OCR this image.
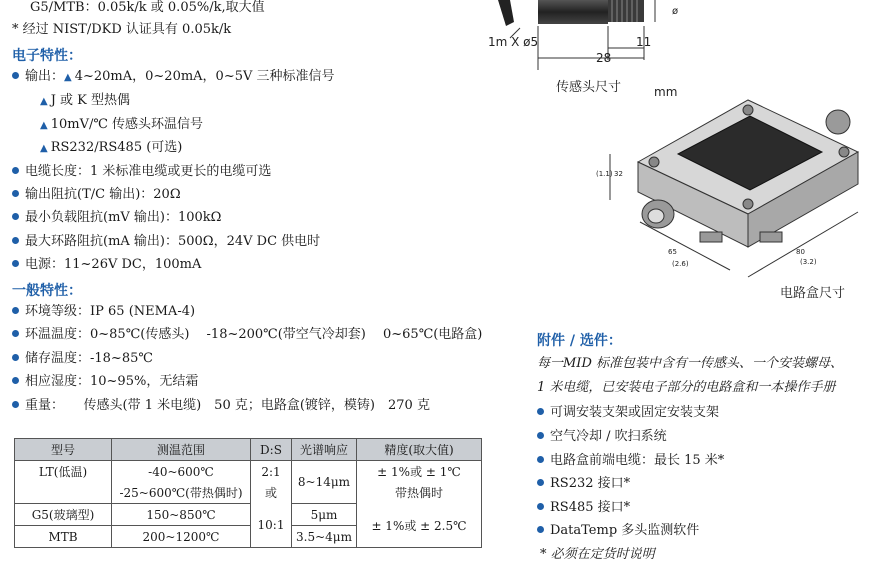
G5/MTB：0.05k/k 或 0.05%/k,取大值
* 经过 NIST/DKD 认证具有 0.05k/k
电子特性：
输出：▲ 4~20mA，0~20mA，0~5V 三种标准信号
▲ J 或 K 型热偶
▲ 10mV/℃ 传感头环温信号
▲ RS232/RS485 (可选)
电缆长度：1 米标准电缆或更长的电缆可选
输出阻抗(T/C 输出)：20Ω
最小负载阻抗(mV 输出)：100kΩ
最大环路阻抗(mA 输出)：500Ω，24V DC 供电时
电源：11~26V DC，100mA
一般特性：
环境等级：IP 65 (NEMA-4)
环温温度：0~85℃(传感头)　 -18~200℃(带空气冷却套)　 0~65℃(电路盒)
储存温度：-18~85℃
相应湿度：10~95%，无结霜
重量：　　传感头(带 1 米电缆)　50 克；电路盒(镀锌，模铸)　270 克
型号	测温范围	D:S	光谱响应	精度(取大值)
LT(低温)	-40~600℃	2:1	8~14μm	± 1%或 ± 1℃
	-25~600℃(带热偶时)	或		带热偶时
G5(玻璃型)	150~850℃	10:1	5μm	± 1%或 ± 2.5℃
MTB	200~1200℃		3.5~4μm	
1m X ø5
28
11
ø
传感头尺寸	mm
(1.1) 32
65
(2.6)
80
(3.2)
电路盒尺寸
附件 / 选件：
每一MID 标准包装中含有一传感头、一个安装螺母、
1 米电缆，已安装电子部分的电路盒和一本操作手册
可调安装支架或固定安装支架
空气冷却 / 吹扫系统
电路盒前端电缆：最长 15 米*
RS232 接口*
RS485 接口*
DataTemp 多头监测软件
* 必须在定货时说明
